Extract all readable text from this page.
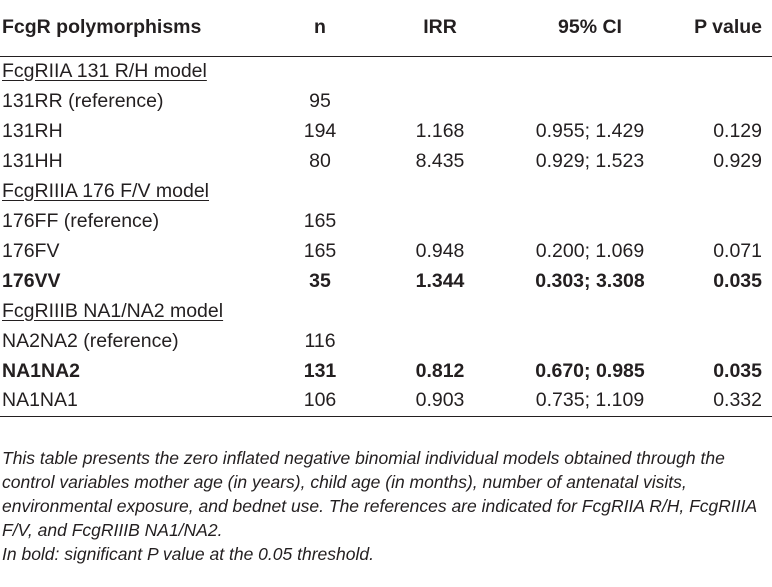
FcgR polymorphisms	n	IRR	95% CI	P value
FcgRIIA 131 R/H model				
131RR (reference)	95			
131RH	194	1.168	0.955; 1.429	0.129
131HH	80	8.435	0.929; 1.523	0.929
FcgRIIIA 176 F/V model				
176FF (reference)	165			
176FV	165	0.948	0.200; 1.069	0.071
176VV	35	1.344	0.303; 3.308	0.035
FcgRIIIB NA1/NA2 model				
NA2NA2 (reference)	116			
NA1NA2	131	0.812	0.670; 0.985	0.035
NA1NA1	106	0.903	0.735; 1.109	0.332

This table presents the zero inflated negative binomial individual models obtained through the control variables mother age (in years), child age (in months), number of antenatal visits, environmental exposure, and bednet use. The references are indicated for FcgRIIA R/H, FcgRIIIA F/V, and FcgRIIIB NA1/NA2.

In bold: significant P value at the 0.05 threshold.
